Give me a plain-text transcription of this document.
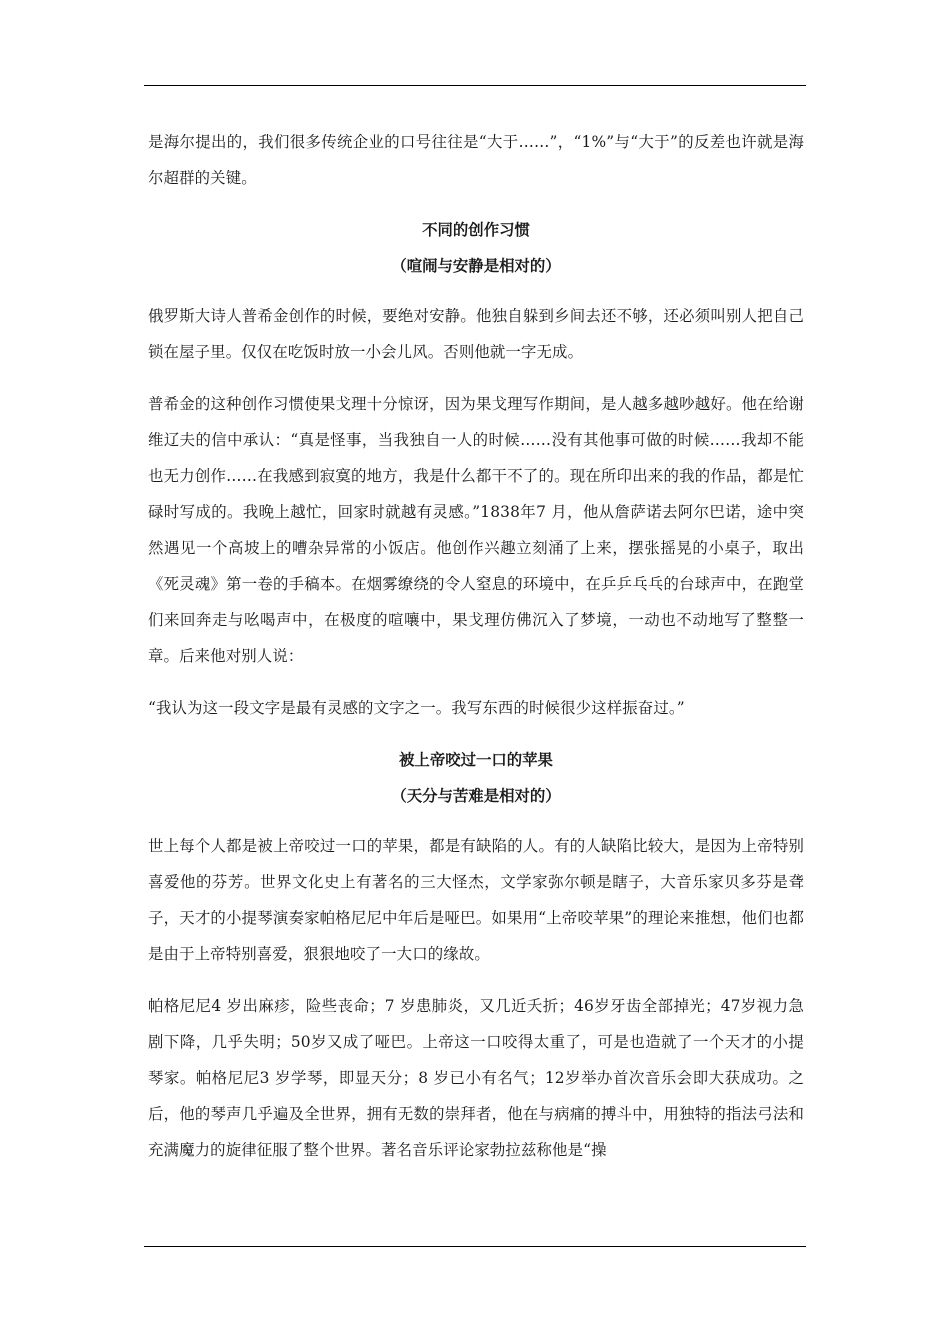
是海尔提出的，我们很多传统企业的口号往往是“大于……”，“1%”与“大于”的反差也许就是海尔超群的关键。

不同的创作习惯

（喧闹与安静是相对的）

俄罗斯大诗人普希金创作的时候，要绝对安静。他独自躲到乡间去还不够，还必须叫别人把自己锁在屋子里。仅仅在吃饭时放一小会儿风。否则他就一字无成。

普希金的这种创作习惯使果戈理十分惊讶，因为果戈理写作期间，是人越多越吵越好。他在给谢维辽夫的信中承认：“真是怪事，当我独自一人的时候……没有其他事可做的时候……我却不能也无力创作……在我感到寂寞的地方，我是什么都干不了的。现在所印出来的我的作品，都是忙碌时写成的。我晚上越忙，回家时就越有灵感。”1838年7 月，他从詹萨诺去阿尔巴诺，途中突然遇见一个高坡上的嘈杂异常的小饭店。他创作兴趣立刻涌了上来，摆张摇晃的小桌子，取出《死灵魂》第一卷的手稿本。在烟雾缭绕的令人窒息的环境中，在乒乒乓乓的台球声中，在跑堂们来回奔走与吆喝声中，在极度的喧嚷中，果戈理仿佛沉入了梦境，一动也不动地写了整整一章。后来他对别人说：

“我认为这一段文字是最有灵感的文字之一。我写东西的时候很少这样振奋过。”

被上帝咬过一口的苹果

（天分与苦难是相对的）

世上每个人都是被上帝咬过一口的苹果，都是有缺陷的人。有的人缺陷比较大，是因为上帝特别喜爱他的芬芳。世界文化史上有著名的三大怪杰，文学家弥尔顿是瞎子，大音乐家贝多芬是聋子，天才的小提琴演奏家帕格尼尼中年后是哑巴。如果用“上帝咬苹果”的理论来推想，他们也都是由于上帝特别喜爱，狠狠地咬了一大口的缘故。

帕格尼尼4 岁出麻疹，险些丧命；7 岁患肺炎，又几近夭折；46岁牙齿全部掉光；47岁视力急剧下降，几乎失明；50岁又成了哑巴。上帝这一口咬得太重了，可是也造就了一个天才的小提琴家。帕格尼尼3 岁学琴，即显天分；8 岁已小有名气；12岁举办首次音乐会即大获成功。之后，他的琴声几乎遍及全世界，拥有无数的崇拜者，他在与病痛的搏斗中，用独特的指法弓法和充满魔力的旋律征服了整个世界。著名音乐评论家勃拉兹称他是“操
